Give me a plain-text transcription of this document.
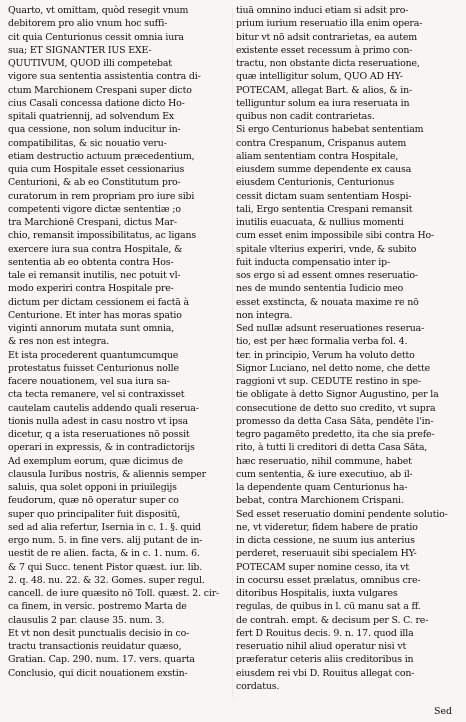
Quarto, vt omittam, quòd resegit vnum
debitorem pro alio vnum hoc suffi-
cit quia Centurionus cessit omnia iura
sua; ET SIGNANTER IUS EXE-
QUUTIVUM, QUOD illi competebat
vigore sua sententia assistentia contra di-
ctum Marchionem Crespani super dicto
cius Casali concessa datione dicto Ho-
spitali quatriennij, ad solvendum Ex
qua cessione, non solum inducitur in-
compatibilitas, & sic nouatio veru-
etiam destructio actuum præcedentium,
quia cum Hospitale esset cessionarius
Centurioni, & ab eo Constitutum pro-
curatorum in rem propriam pro iure sibi
competenti vigore dictæ sententiæ ;o
tra Marchionē Crespani, dictus Mar-
chio, remansit impossibilitatus, ac ligans
exercere iura sua contra Hospitale, &
sententia ab eo obtenta contra Hos-
tale ei remansit inutilis, nec potuit vl-
modo experiri contra Hospitale pre-
dictum per dictam cessionem ei factā à
Centurione. Et inter has moras spatio
viginti annorum mutata sunt omnia,
& res non est integra.
Et ista procederent quantumcumque
protestatus fuisset Centurionus nolle
facere nouationem, vel sua iura sa-
cta tecta remanere, vel si contraxisset
cautelam cautelis addendo quali reserua-
tionis nulla adest in casu nostro vt ipsa
dicetur, q a ista reseruationes nō possit
operari in expressis, & in contradictorijs
Ad exemplum eorum, quæ dicimus de
clausula Iuribus nostris, & aliennis semper
saluis, qua solet opponi in priuilegijs
feudorum, quæ nō operatur super co
super quo principaliter fuit dispositū,
sed ad alia refertur, Isernia in c. 1. §. quid
ergo num. 5. in fine vers. alij putant de in-
uestit de re alien. facta, & in c. 1. num. 6.
& 7 qui Succ. tenent Pistor quæst. iur. lib.
2. q. 48. nu. 22. & 32. Gomes. super regul.
cancell. de iure quæsito nō Toll. quæst. 2. cir-
ca finem, in versic. postremo Marta de
clausulis 2 par. clause 35. num. 3.
Et vt non desit punctualis decisio in co-
tractu transactionis reuidatur quæso,
Gratian. Cap. 290. num. 17. vers. quarta
Conclusio, qui dicit nouationem exstin-
tiuā omnino induci etiam si adsit pro-
prium iurium reseruatio illa enim opera-
bitur vt nō adsit contrarietas, ea autem
existente esset recessum à primo con-
tractu, non obstante dicta reseruatione,
quæ intelligitur solum, QUO AD HY-
POTECAM, allegat Bart. & alios, & in-
telliguntur solum ea iura reseruata in
quibus non cadit contrarietas.
Si ergo Centurionus habebat sententiam
contra Crespanum, Crispanus autem
aliam sententiam contra Hospitale,
eiusdem summe dependente ex causa
eiusdem Centurionis, Centurionus
cessit dictam suam sententiam Hospi-
tali, Ergo sententia Crespani remansit
inutilis euacuata, & nullius momenti
cum esset enim impossibile sibi contra Ho-
spitale vlterius experiri, vnde, & subito
fuit inducta compensatio inter ip-
sos ergo si ad essent omnes reseruatio-
nes de mundo sententia Iudicio meo
esset exstincta, & nouata maxime re nō
non integra.
Sed nullæ adsunt reseruationes reserua-
tio, est per hæc formalia verba fol. 4.
ter. in principio, Verum ha voluto detto
Signor Luciano, nel detto nome, che dette
raggioni vt sup. CEDUTE restino in spe-
tie obligate à detto Signor Augustino, per la
consecutione de detto suo credito, vt supra
promesso da detta Casa Sāta, pendēte l'in-
tegro pagamēto predetto, ita che sia prefe-
rito, à tutti li creditori di detta Casa Sāta,
hæc reseruatio, nihil commune, habet
cum sententia, & iure executiuo, ab il-
la dependente quam Centurionus ha-
bebat, contra Marchionem Crispani.
Sed esset reseruatio domini pendente solutio-
ne, vt videretur, fidem habere de pratio
in dicta cessione, ne suum ius anterius
perderet, reseruauit sibi specialem HY-
POTECAM super nomine cesso, ita vt
in cocursu esset prælatus, omnibus cre-
ditoribus Hospitalis, iuxta vulgares
regulas, de quibus in l. cū manu sat a ff.
de contrah. empt. & decisum per S. C. re-
fert D Rouitus decis. 9. n. 17. quod illa
reseruatio nihil aliud operatur nisi vt
præferatur ceteris aliis creditoribus in
eiusdem rei vbi D. Rouitus allegat con-
cordatus.
Sed
